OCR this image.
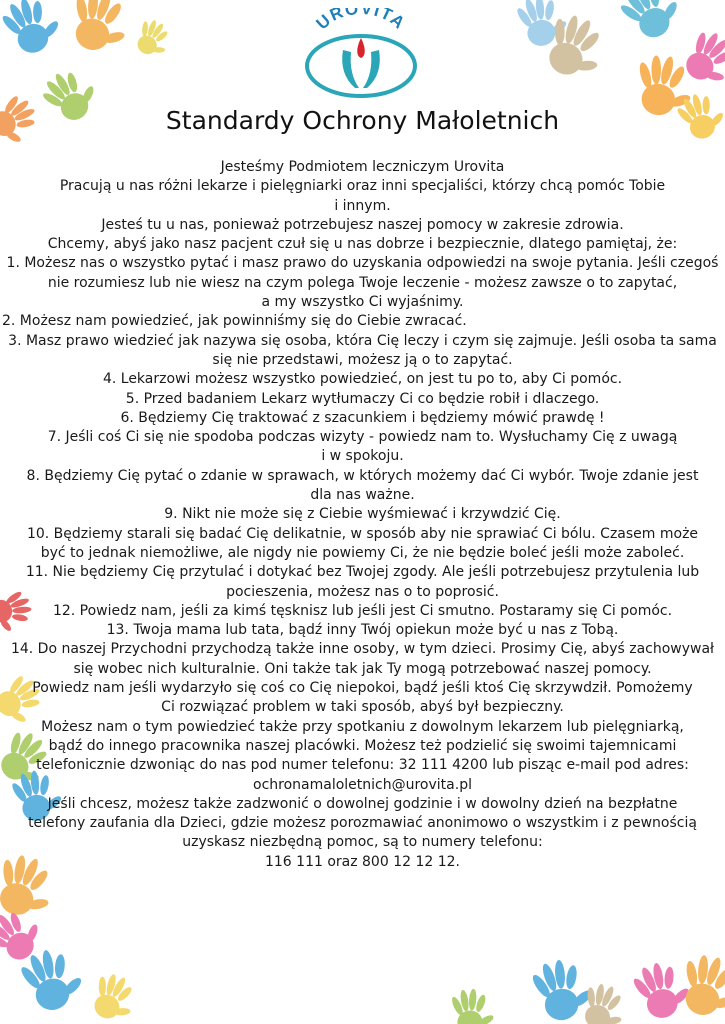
UROVITA
Standardy Ochrony Małoletnich
Jesteśmy Podmiotem leczniczym Urovita
Pracują u nas różni lekarze i pielęgniarki oraz inni specjaliści, którzy chcą pomóc Tobie
i innym.
Jesteś tu u nas, ponieważ potrzebujesz naszej pomocy w zakresie zdrowia.
Chcemy, abyś jako nasz pacjent czuł się u nas dobrze i bezpiecznie, dlatego pamiętaj, że:
1. Możesz nas o wszystko pytać i masz prawo do uzyskania odpowiedzi na swoje pytania. Jeśli czegoś
nie rozumiesz lub nie wiesz na czym polega Twoje leczenie - możesz zawsze o to zapytać,
a my wszystko Ci wyjaśnimy.
2. Możesz nam powiedzieć, jak powinniśmy się do Ciebie zwracać.
3. Masz prawo wiedzieć jak nazywa się osoba, która Cię leczy i czym się zajmuje. Jeśli osoba ta sama
się nie przedstawi, możesz ją o to zapytać.
4. Lekarzowi możesz wszystko powiedzieć, on jest tu po to, aby Ci pomóc.
5. Przed badaniem Lekarz wytłumaczy Ci co będzie robił i dlaczego.
6. Będziemy Cię traktować z szacunkiem i będziemy mówić prawdę !
7. Jeśli coś Ci się nie spodoba podczas wizyty - powiedz nam to. Wysłuchamy Cię z uwagą
i w spokoju.
8. Będziemy Cię pytać o zdanie w sprawach, w których możemy dać Ci wybór. Twoje zdanie jest
dla nas ważne.
9. Nikt nie może się z Ciebie wyśmiewać i krzywdzić Cię.
10. Będziemy starali się badać Cię delikatnie, w sposób aby nie sprawiać Ci bólu. Czasem może
być to jednak niemożliwe, ale nigdy nie powiemy Ci, że nie będzie boleć jeśli może zaboleć.
11. Nie będziemy Cię przytulać i dotykać bez Twojej zgody. Ale jeśli potrzebujesz przytulenia lub
pocieszenia, możesz nas o to poprosić.
12. Powiedz nam, jeśli za kimś tęsknisz lub jeśli jest Ci smutno. Postaramy się Ci pomóc.
13. Twoja mama lub tata, bądź inny Twój opiekun może być u nas z Tobą.
14. Do naszej Przychodni przychodzą także inne osoby, w tym dzieci. Prosimy Cię, abyś zachowywał
się wobec nich kulturalnie. Oni także tak jak Ty mogą potrzebować naszej pomocy.
Powiedz nam jeśli wydarzyło się coś co Cię niepokoi, bądź jeśli ktoś Cię skrzywdził. Pomożemy
Ci rozwiązać problem w taki sposób, abyś był bezpieczny.
Możesz nam o tym powiedzieć także przy spotkaniu z dowolnym lekarzem lub pielęgniarką,
bądź do innego pracownika naszej placówki. Możesz też podzielić się swoimi tajemnicami
telefonicznie dzwoniąc do nas pod numer telefonu: 32 111 4200 lub pisząc e-mail pod adres:
ochronamaloletnich@urovita.pl
Jeśli chcesz, możesz także zadzwonić o dowolnej godzinie i w dowolny dzień na bezpłatne
telefony zaufania dla Dzieci, gdzie możesz porozmawiać anonimowo o wszystkim i z pewnością
uzyskasz niezbędną pomoc, są to numery telefonu:
116 111 oraz 800 12 12 12.
